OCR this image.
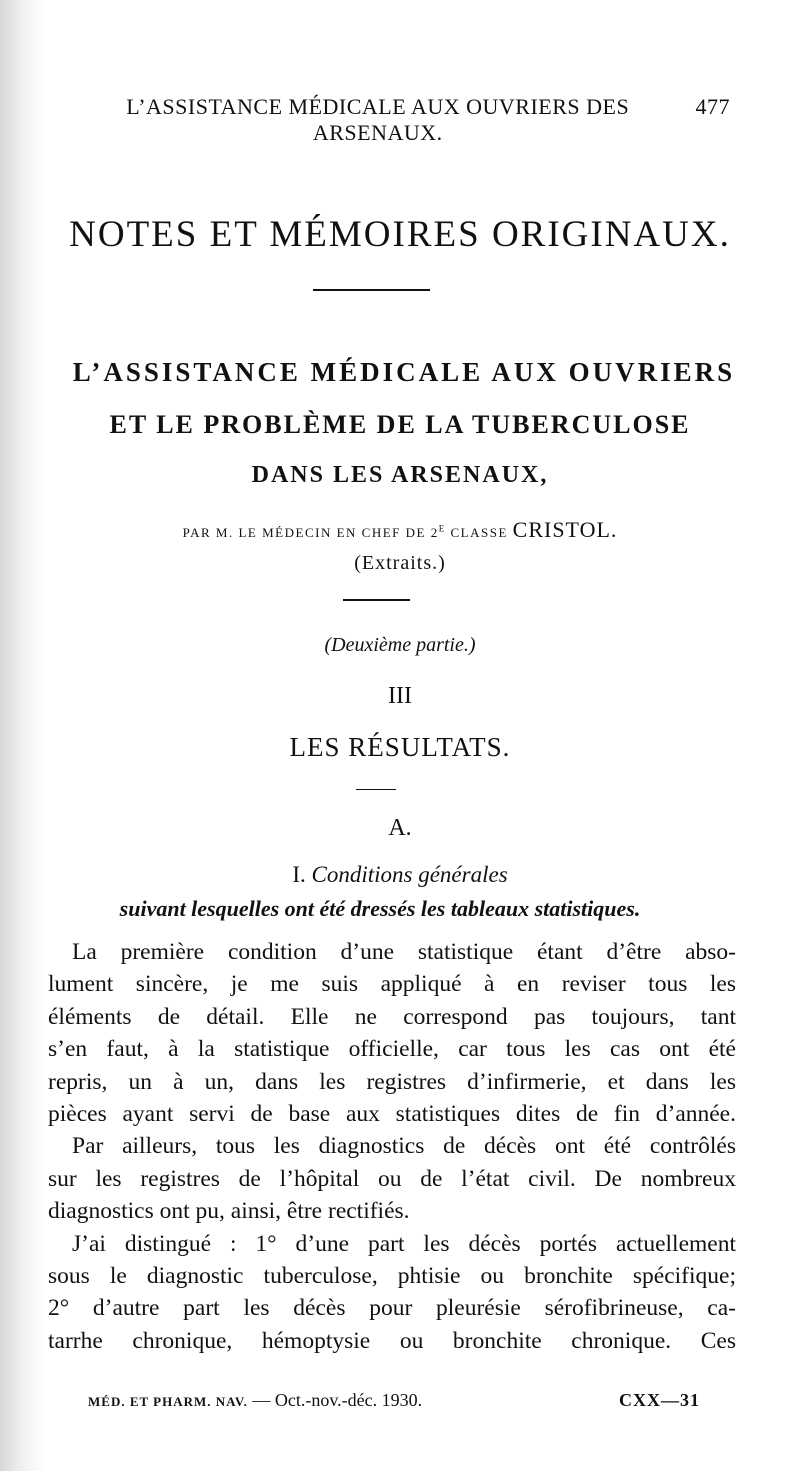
L’ASSISTANCE MÉDICALE AUX OUVRIERS DES ARSENAUX.
477
NOTES ET MÉMOIRES ORIGINAUX.
L’ASSISTANCE MÉDICALE AUX OUVRIERS
ET LE PROBLÈME DE LA TUBERCULOSE
DANS LES ARSENAUX,
PAR M. LE MÉDECIN EN CHEF DE $2^E$ CLASSE CRISTOL.
(Extraits.)
(Deuxième partie.)
III
LES RÉSULTATS.
A.
I. Conditions générales
suivant lesquelles ont été dressés les tableaux statistiques.
La première condition d’une statistique étant d’être abso-
lument sincère, je me suis appliqué à en reviser tous les
éléments de détail. Elle ne correspond pas toujours, tant
s’en faut, à la statistique officielle, car tous les cas ont été
repris, un à un, dans les registres d’infirmerie, et dans les
pièces ayant servi de base aux statistiques dites de fin d’année.
Par ailleurs, tous les diagnostics de décès ont été contrôlés
sur les registres de l’hôpital ou de l’état civil. De nombreux
diagnostics ont pu, ainsi, être rectifiés.
J’ai distingué : 1° d’une part les décès portés actuellement
sous le diagnostic tuberculose, phtisie ou bronchite spécifique;
2° d’autre part les décès pour pleurésie sérofibrineuse, ca-
tarrhe chronique, hémoptysie ou bronchite chronique. Ces
MÉD. ET PHARM. NAV. — Oct.-nov.-déc. 1930.	CXX—31
